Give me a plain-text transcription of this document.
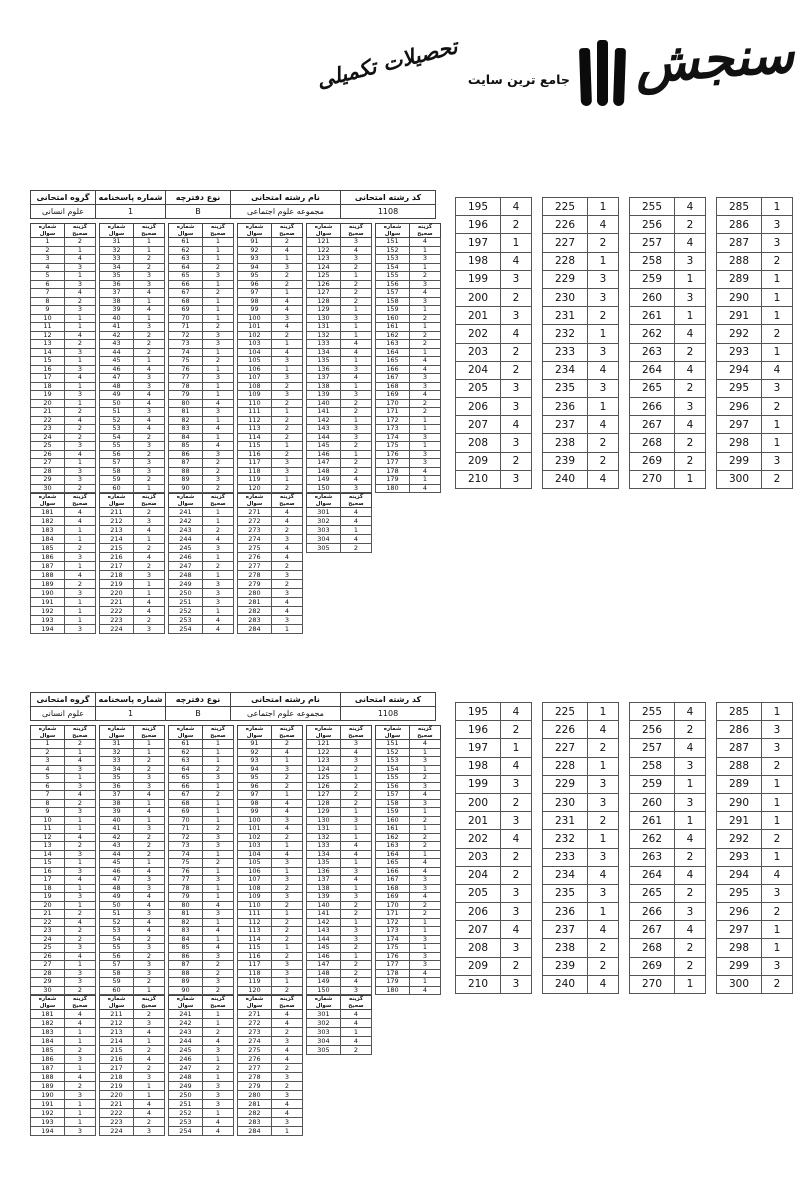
سنجش
جامع ترین سایت
تحصیلات تکمیلی
کد رشته امتحانی	نام رشته امتحانی	نوع دفترچه	شماره پاسخنامه	گروه امتحانی
1108	مجموعه علوم اجتماعی	B	1	علوم انسانی
شماره
سوال	گزینه
صحیح
1	2
2	1
3	4
4	3
5	1
6	3
7	4
8	2
9	3
10	1
11	1
12	4
13	2
14	3
15	1
16	3
17	4
18	1
19	3
20	1
21	2
22	4
23	2
24	2
25	3
26	4
27	1
28	3
29	3
30	2
شماره
سوال	گزینه
صحیح
31	1
32	1
33	2
34	2
35	3
36	3
37	4
38	1
39	4
40	1
41	3
42	2
43	2
44	2
45	1
46	4
47	3
48	3
49	4
50	4
51	3
52	4
53	4
54	2
55	3
56	2
57	3
58	3
59	2
60	1
شماره
سوال	گزینه
صحیح
61	1
62	1
63	1
64	2
65	3
66	1
67	2
68	1
69	1
70	1
71	2
72	3
73	3
74	1
75	2
76	1
77	3
78	1
79	1
80	4
81	3
82	1
83	4
84	1
85	4
86	3
87	2
88	2
89	3
90	2
شماره
سوال	گزینه
صحیح
91	2
92	4
93	1
94	3
95	2
96	2
97	1
98	4
99	4
100	3
101	4
102	2
103	1
104	4
105	3
106	1
107	3
108	2
109	3
110	2
111	1
112	2
113	2
114	2
115	1
116	2
117	3
118	3
119	1
120	2
شماره
سوال	گزینه
صحیح
121	3
122	4
123	3
124	2
125	1
126	2
127	2
128	2
129	1
130	3
131	1
132	1
133	4
134	4
135	1
136	3
137	4
138	1
139	3
140	2
141	2
142	1
143	3
144	3
145	2
146	1
147	2
148	2
149	4
150	3
شماره
سوال	گزینه
صحیح
151	4
152	1
153	3
154	1
155	2
156	3
157	4
158	3
159	1
160	2
161	1
162	2
163	2
164	1
165	4
166	4
167	3
168	3
169	4
170	2
171	2
172	1
173	1
174	3
175	1
176	3
177	3
178	4
179	1
180	4
شماره
سوال	گزینه
صحیح
181	4
182	4
183	1
184	1
185	2
186	3
187	1
188	4
189	2
190	3
191	1
192	1
193	1
194	3
شماره
سوال	گزینه
صحیح
211	2
212	3
213	4
214	1
215	2
216	4
217	2
218	3
219	1
220	1
221	4
222	4
223	2
224	3
شماره
سوال	گزینه
صحیح
241	1
242	1
243	2
244	4
245	3
246	1
247	2
248	1
249	3
250	3
251	3
252	1
253	4
254	4
شماره
سوال	گزینه
صحیح
271	4
272	4
273	2
274	3
275	4
276	4
277	2
278	3
279	2
280	3
281	4
282	4
283	3
284	1
شماره
سوال	گزینه
صحیح
301	4
302	4
303	1
304	4
305	2
195	4
196	2
197	1
198	4
199	3
200	2
201	3
202	4
203	2
204	2
205	3
206	3
207	4
208	3
209	2
210	3
225	1
226	4
227	2
228	1
229	3
230	3
231	2
232	1
233	3
234	4
235	3
236	1
237	4
238	2
239	2
240	4
255	4
256	2
257	4
258	3
259	1
260	3
261	1
262	4
263	2
264	4
265	2
266	3
267	4
268	2
269	2
270	1
285	1
286	3
287	3
288	2
289	1
290	1
291	1
292	2
293	1
294	4
295	3
296	2
297	1
298	1
299	3
300	2
کد رشته امتحانی	نام رشته امتحانی	نوع دفترچه	شماره پاسخنامه	گروه امتحانی
1108	مجموعه علوم اجتماعی	B	1	علوم انسانی
شماره
سوال	گزینه
صحیح
1	2
2	1
3	4
4	3
5	1
6	3
7	4
8	2
9	3
10	1
11	1
12	4
13	2
14	3
15	1
16	3
17	4
18	1
19	3
20	1
21	2
22	4
23	2
24	2
25	3
26	4
27	1
28	3
29	3
30	2
شماره
سوال	گزینه
صحیح
31	1
32	1
33	2
34	2
35	3
36	3
37	4
38	1
39	4
40	1
41	3
42	2
43	2
44	2
45	1
46	4
47	3
48	3
49	4
50	4
51	3
52	4
53	4
54	2
55	3
56	2
57	3
58	3
59	2
60	1
شماره
سوال	گزینه
صحیح
61	1
62	1
63	1
64	2
65	3
66	1
67	2
68	1
69	1
70	1
71	2
72	3
73	3
74	1
75	2
76	1
77	3
78	1
79	1
80	4
81	3
82	1
83	4
84	1
85	4
86	3
87	2
88	2
89	3
90	2
شماره
سوال	گزینه
صحیح
91	2
92	4
93	1
94	3
95	2
96	2
97	1
98	4
99	4
100	3
101	4
102	2
103	1
104	4
105	3
106	1
107	3
108	2
109	3
110	2
111	1
112	2
113	2
114	2
115	1
116	2
117	3
118	3
119	1
120	2
شماره
سوال	گزینه
صحیح
121	3
122	4
123	3
124	2
125	1
126	2
127	2
128	2
129	1
130	3
131	1
132	1
133	4
134	4
135	1
136	3
137	4
138	1
139	3
140	2
141	2
142	1
143	3
144	3
145	2
146	1
147	2
148	2
149	4
150	3
شماره
سوال	گزینه
صحیح
151	4
152	1
153	3
154	1
155	2
156	3
157	4
158	3
159	1
160	2
161	1
162	2
163	2
164	1
165	4
166	4
167	3
168	3
169	4
170	2
171	2
172	1
173	1
174	3
175	1
176	3
177	3
178	4
179	1
180	4
شماره
سوال	گزینه
صحیح
181	4
182	4
183	1
184	1
185	2
186	3
187	1
188	4
189	2
190	3
191	1
192	1
193	1
194	3
شماره
سوال	گزینه
صحیح
211	2
212	3
213	4
214	1
215	2
216	4
217	2
218	3
219	1
220	1
221	4
222	4
223	2
224	3
شماره
سوال	گزینه
صحیح
241	1
242	1
243	2
244	4
245	3
246	1
247	2
248	1
249	3
250	3
251	3
252	1
253	4
254	4
شماره
سوال	گزینه
صحیح
271	4
272	4
273	2
274	3
275	4
276	4
277	2
278	3
279	2
280	3
281	4
282	4
283	3
284	1
شماره
سوال	گزینه
صحیح
301	4
302	4
303	1
304	4
305	2
195	4
196	2
197	1
198	4
199	3
200	2
201	3
202	4
203	2
204	2
205	3
206	3
207	4
208	3
209	2
210	3
225	1
226	4
227	2
228	1
229	3
230	3
231	2
232	1
233	3
234	4
235	3
236	1
237	4
238	2
239	2
240	4
255	4
256	2
257	4
258	3
259	1
260	3
261	1
262	4
263	2
264	4
265	2
266	3
267	4
268	2
269	2
270	1
285	1
286	3
287	3
288	2
289	1
290	1
291	1
292	2
293	1
294	4
295	3
296	2
297	1
298	1
299	3
300	2
